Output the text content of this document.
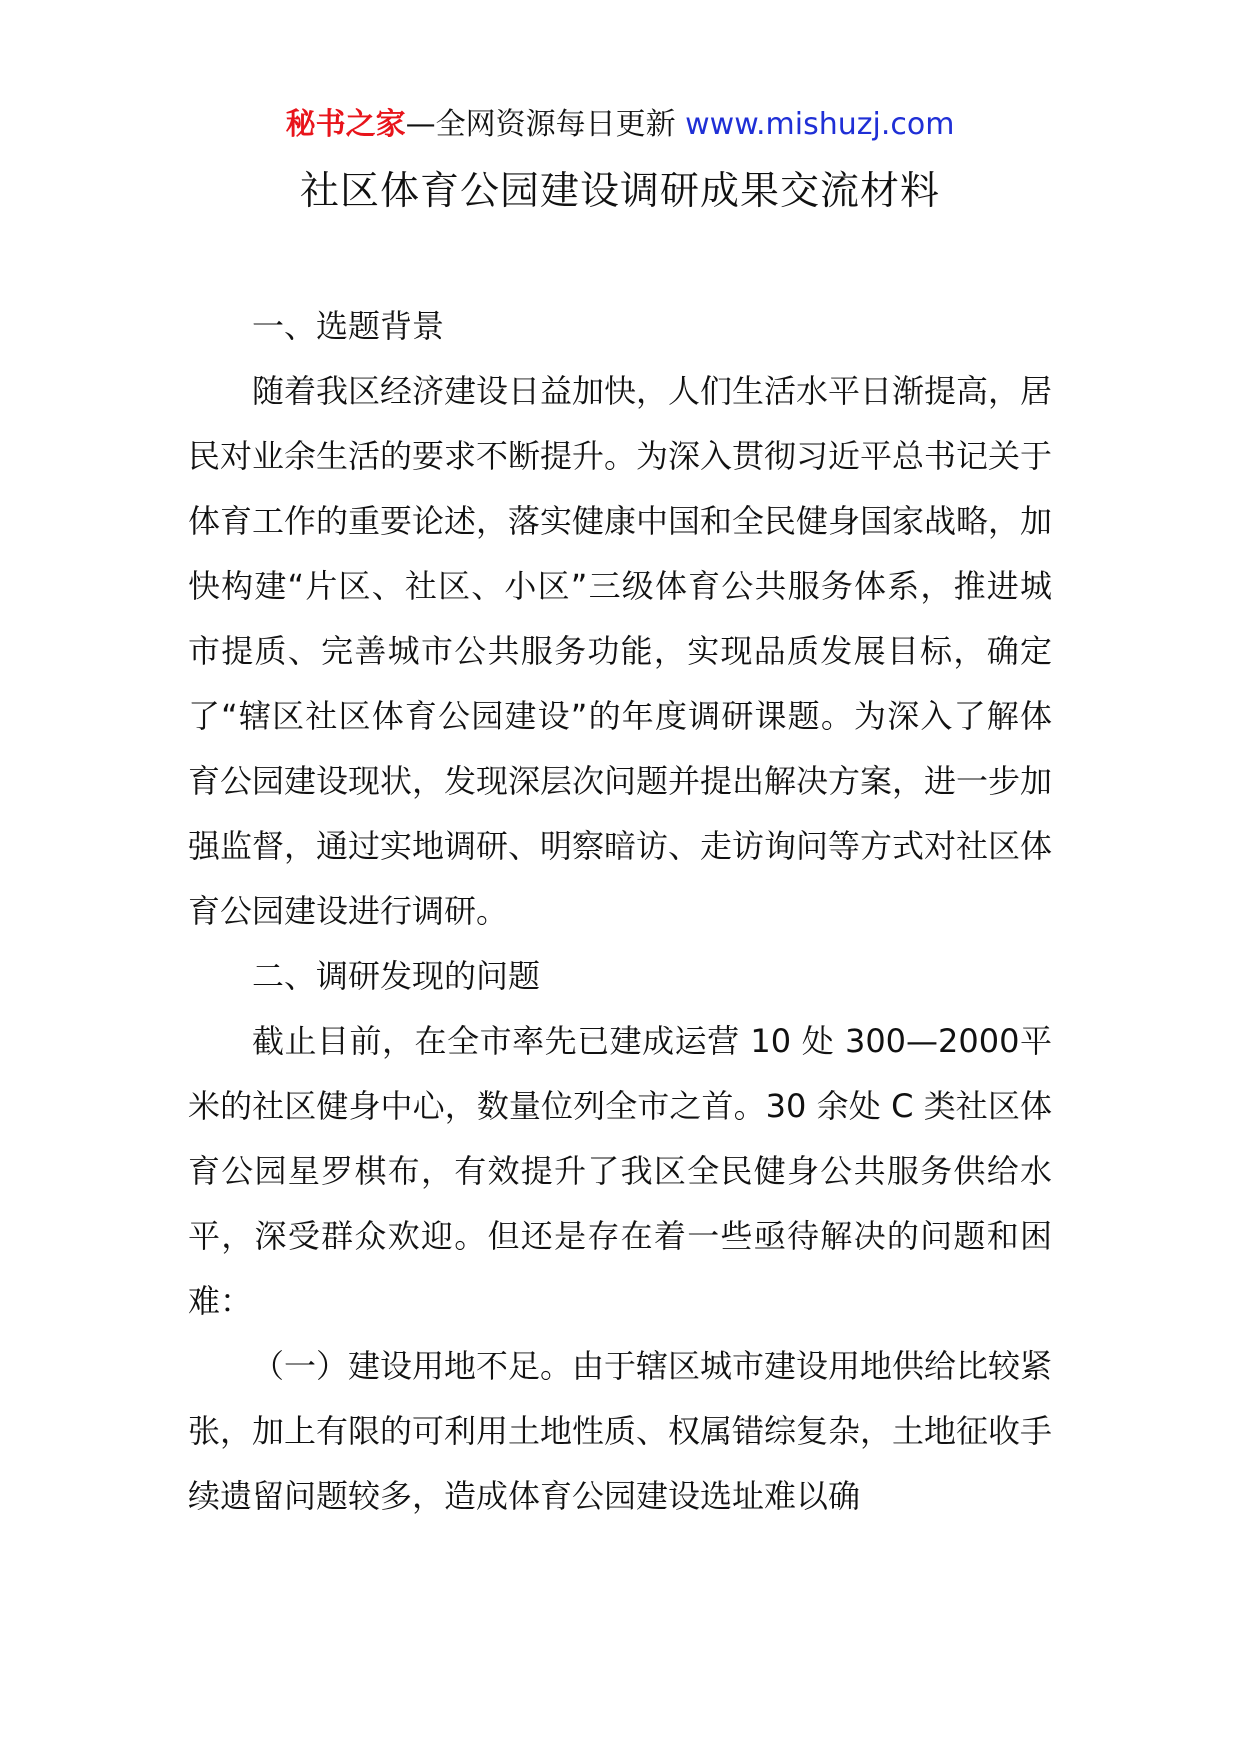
秘书之家—全网资源每日更新 www.mishuzj.com
社区体育公园建设调研成果交流材料

一、选题背景

随着我区经济建设日益加快，人们生活水平日渐提高，居民对业余生活的要求不断提升。为深入贯彻习近平总书记关于体育工作的重要论述，落实健康中国和全民健身国家战略，加快构建“片区、社区、小区”三级体育公共服务体系，推进城市提质、完善城市公共服务功能，实现品质发展目标，确定了“辖区社区体育公园建设”的年度调研课题。为深入了解体育公园建设现状，发现深层次问题并提出解决方案，进一步加强监督，通过实地调研、明察暗访、走访询问等方式对社区体育公园建设进行调研。

二、调研发现的问题

截止目前，在全市率先已建成运营 10 处 300—2000平米的社区健身中心，数量位列全市之首。30 余处 C 类社区体育公园星罗棋布，有效提升了我区全民健身公共服务供给水平，深受群众欢迎。但还是存在着一些亟待解决的问题和困难：

（一）建设用地不足。由于辖区城市建设用地供给比较紧张，加上有限的可利用土地性质、权属错综复杂，土地征收手续遗留问题较多，造成体育公园建设选址难以确
